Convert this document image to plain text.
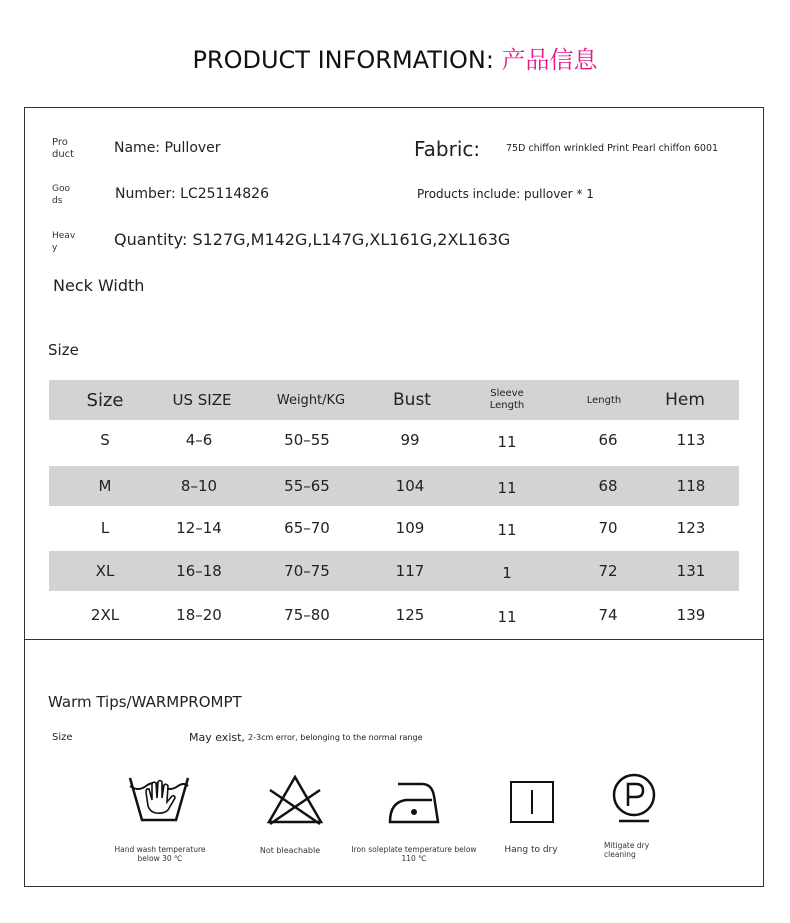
PRODUCT INFORMATION: 产品信息
Pro duct	Name: Pullover	Fabric:	75D chiffon wrinkled Print Pearl chiffon 6001
Goo ds	Number: LC25114826	Products include: pullover * 1
Heav y	Quantity: S127G,M142G,L147G,XL161G,2XL163G
Neck Width
Size
Size	US SIZE	Weight/KG	Bust	Sleeve Length	Length	Hem
S	4–6	50–55	99	11	66	113
M	8–10	55–65	104	11	68	118
L	12–14	65–70	109	11	70	123
XL	16–18	70–75	117	1	72	131
2XL	18–20	75–80	125	11	74	139
Warm Tips/WARMPROMPT
Size	May exist, 2-3cm error, belonging to the normal range
Hand wash temperature below 30 ℃
Not bleachable	Iron soleplate temperature below 110 ℃
Hang to dry	Mitigate dry cleaning
